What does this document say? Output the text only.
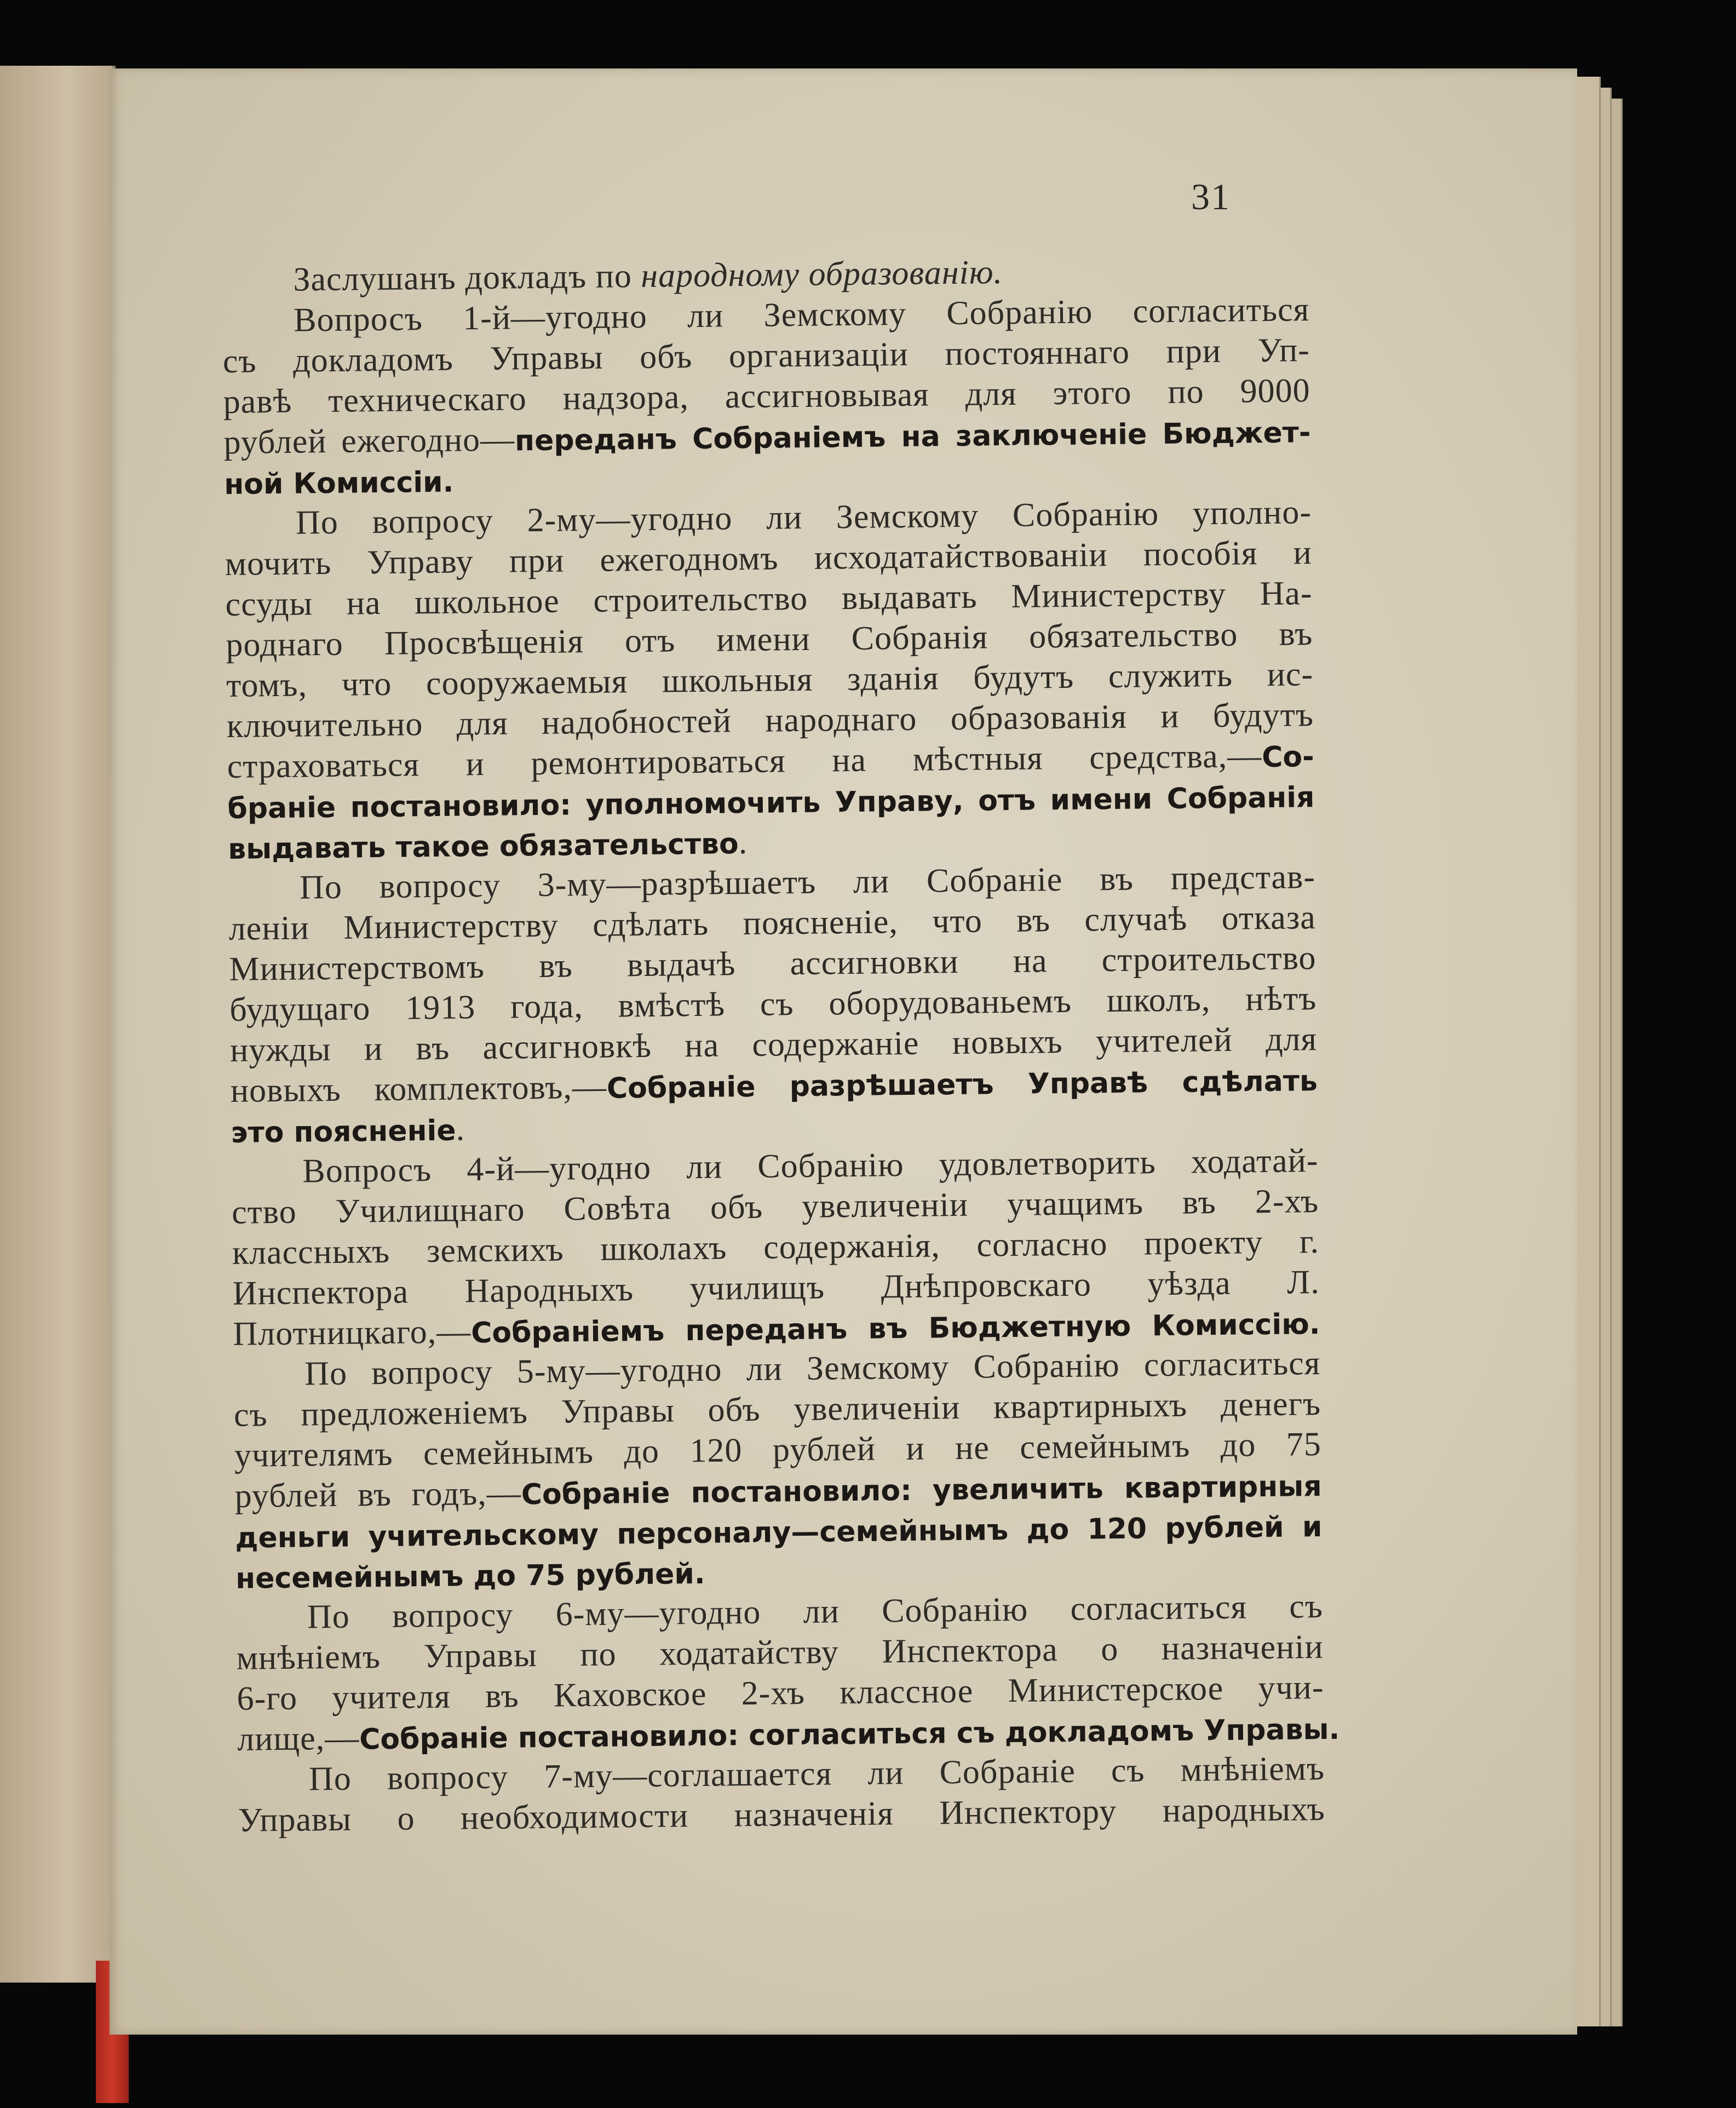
31
Заслушанъ докладъ по народному образованію.
Вопросъ 1-й—угодно ли Земскому Собранію согласиться
съ докладомъ Управы объ организаціи постояннаго при Уп-
равѣ техническаго надзора, ассигновывая для этого по 9000
рублей ежегодно—переданъ Собраніемъ на заключеніе Бюджет-
ной Комиссіи.
По вопросу 2-му—угодно ли Земскому Собранію уполно-
мочить Управу при ежегодномъ исходатайствованіи пособія и
ссуды на школьное строительство выдавать Министерству На-
роднаго Просвѣщенія отъ имени Собранія обязательство въ
томъ, что сооружаемыя школьныя зданія будутъ служить ис-
ключительно для надобностей народнаго образованія и будутъ
страховаться и ремонтироваться на мѣстныя средства,—Со-
браніе постановило: уполномочить Управу, отъ имени Собранія
выдавать такое обязательство.
По вопросу 3-му—разрѣшаетъ ли Собраніе въ представ-
леніи Министерству сдѣлать поясненіе, что въ случаѣ отказа
Министерствомъ въ выдачѣ ассигновки на строительство
будущаго 1913 года, вмѣстѣ съ оборудованьемъ школъ, нѣтъ
нужды и въ ассигновкѣ на содержаніе новыхъ учителей для
новыхъ комплектовъ,—Собраніе разрѣшаетъ Управѣ сдѣлать
это поясненіе.
Вопросъ 4-й—угодно ли Собранію удовлетворить ходатай-
ство Училищнаго Совѣта объ увеличеніи учащимъ въ 2-хъ
классныхъ земскихъ школахъ содержанія, согласно проекту г.
Инспектора Народныхъ училищъ Днѣпровскаго уѣзда Л.
Плотницкаго,—Собраніемъ переданъ въ Бюджетную Комиссію.
По вопросу 5-му—угодно ли Земскому Собранію согласиться
съ предложеніемъ Управы объ увеличеніи квартирныхъ денегъ
учителямъ семейнымъ до 120 рублей и не семейнымъ до 75
рублей въ годъ,—Собраніе постановило: увеличить квартирныя
деньги учительскому персоналу—семейнымъ до 120 рублей и
несемейнымъ до 75 рублей.
По вопросу 6-му—угодно ли Собранію согласиться съ
мнѣніемъ Управы по ходатайству Инспектора о назначеніи
6-го учителя въ Каховское 2-хъ классное Министерское учи-
лище,—Собраніе постановило: согласиться съ докладомъ Управы.
По вопросу 7-му—соглашается ли Собраніе съ мнѣніемъ
Управы о необходимости назначенія Инспектору народныхъ
